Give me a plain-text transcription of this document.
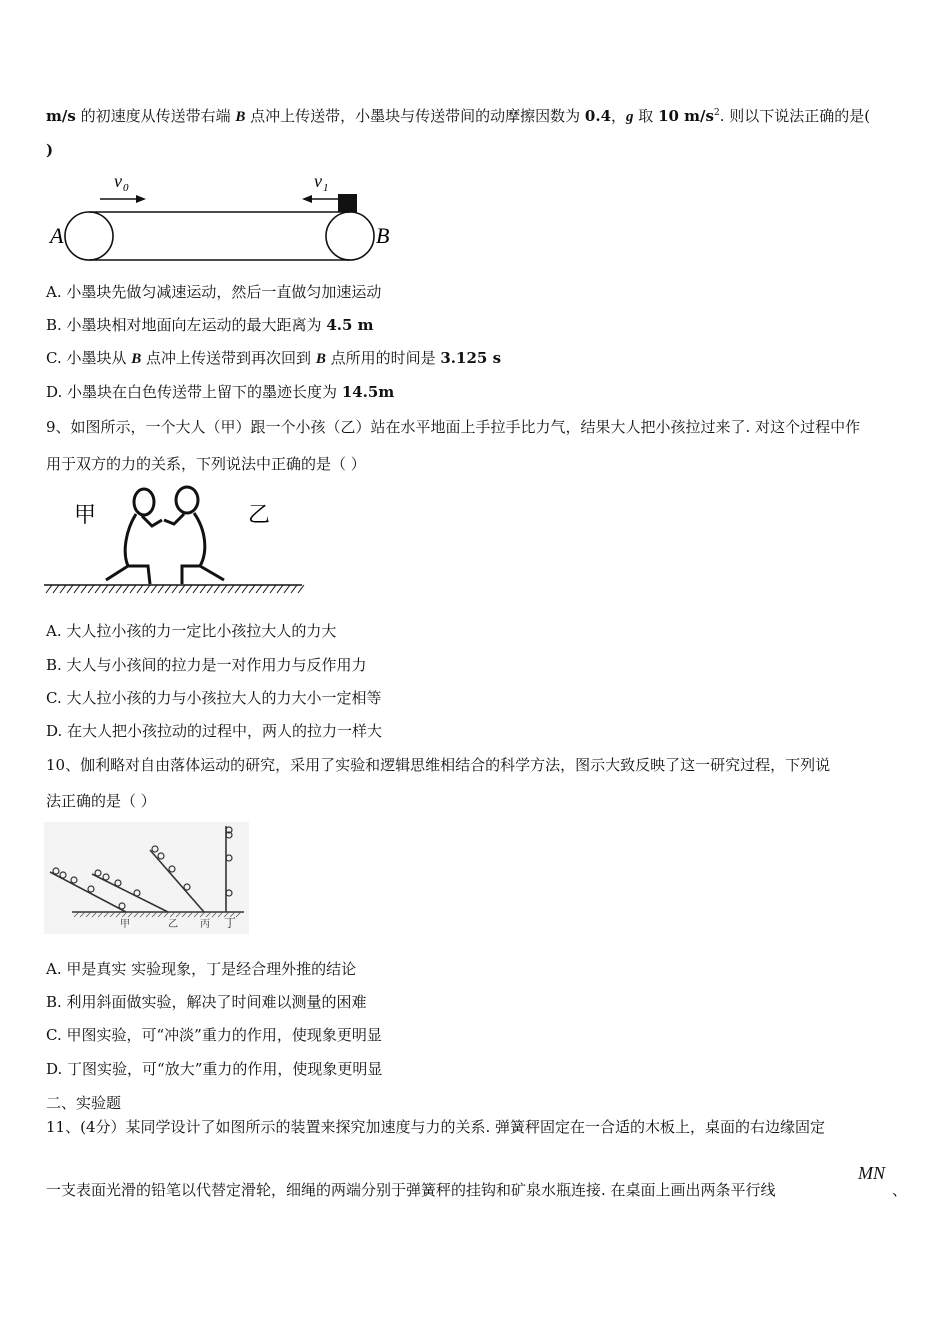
m/s 的初速度从传送带右端 B 点冲上传送带，小墨块与传送带间的动摩擦因数为 0.4，g 取 10 $m/s^2$. 则以下说法正确的是(
)
A	B
v 0	v 1
A. 小墨块先做匀减速运动，然后一直做匀加速运动
B. 小墨块相对地面向左运动的最大距离为 4.5 m
C. 小墨块从 B 点冲上传送带到再次回到 B 点所用的时间是 3.125 s
D. 小墨块在白色传送带上留下的墨迹长度为 14.5m
9、如图所示，一个大人（甲）跟一个小孩（乙）站在水平地面上手拉手比力气，结果大人把小孩拉过来了. 对这个过程中作
用于双方的力的关系，下列说法中正确的是（ ）
甲	乙
A. 大人拉小孩的力一定比小孩拉大人的力大
B. 大人与小孩间的拉力是一对作用力与反作用力
C. 大人拉小孩的力与小孩拉大人的力大小一定相等
D. 在大人把小孩拉动的过程中，两人的拉力一样大
10、伽利略对自由落体运动的研究，采用了实验和逻辑思维相结合的科学方法，图示大致反映了这一研究过程，下列说
法正确的是（ ）
甲	乙 丙 丁
A. 甲是真实 实验现象，丁是经合理外推的结论
B. 利用斜面做实验，解决了时间难以测量的困难
C. 甲图实验，可“冲淡”重力的作用，使现象更明显
D. 丁图实验，可“放大”重力的作用，使现象更明显
二、实验题
11、(4分）某同学设计了如图所示的装置来探究加速度与力的关系. 弹簧秤固定在一合适的木板上，桌面的右边缘固定
一支表面光滑的铅笔以代替定滑轮，细绳的两端分别于弹簧秤的挂钩和矿泉水瓶连接. 在桌面上画出两条平行线
MN
、
